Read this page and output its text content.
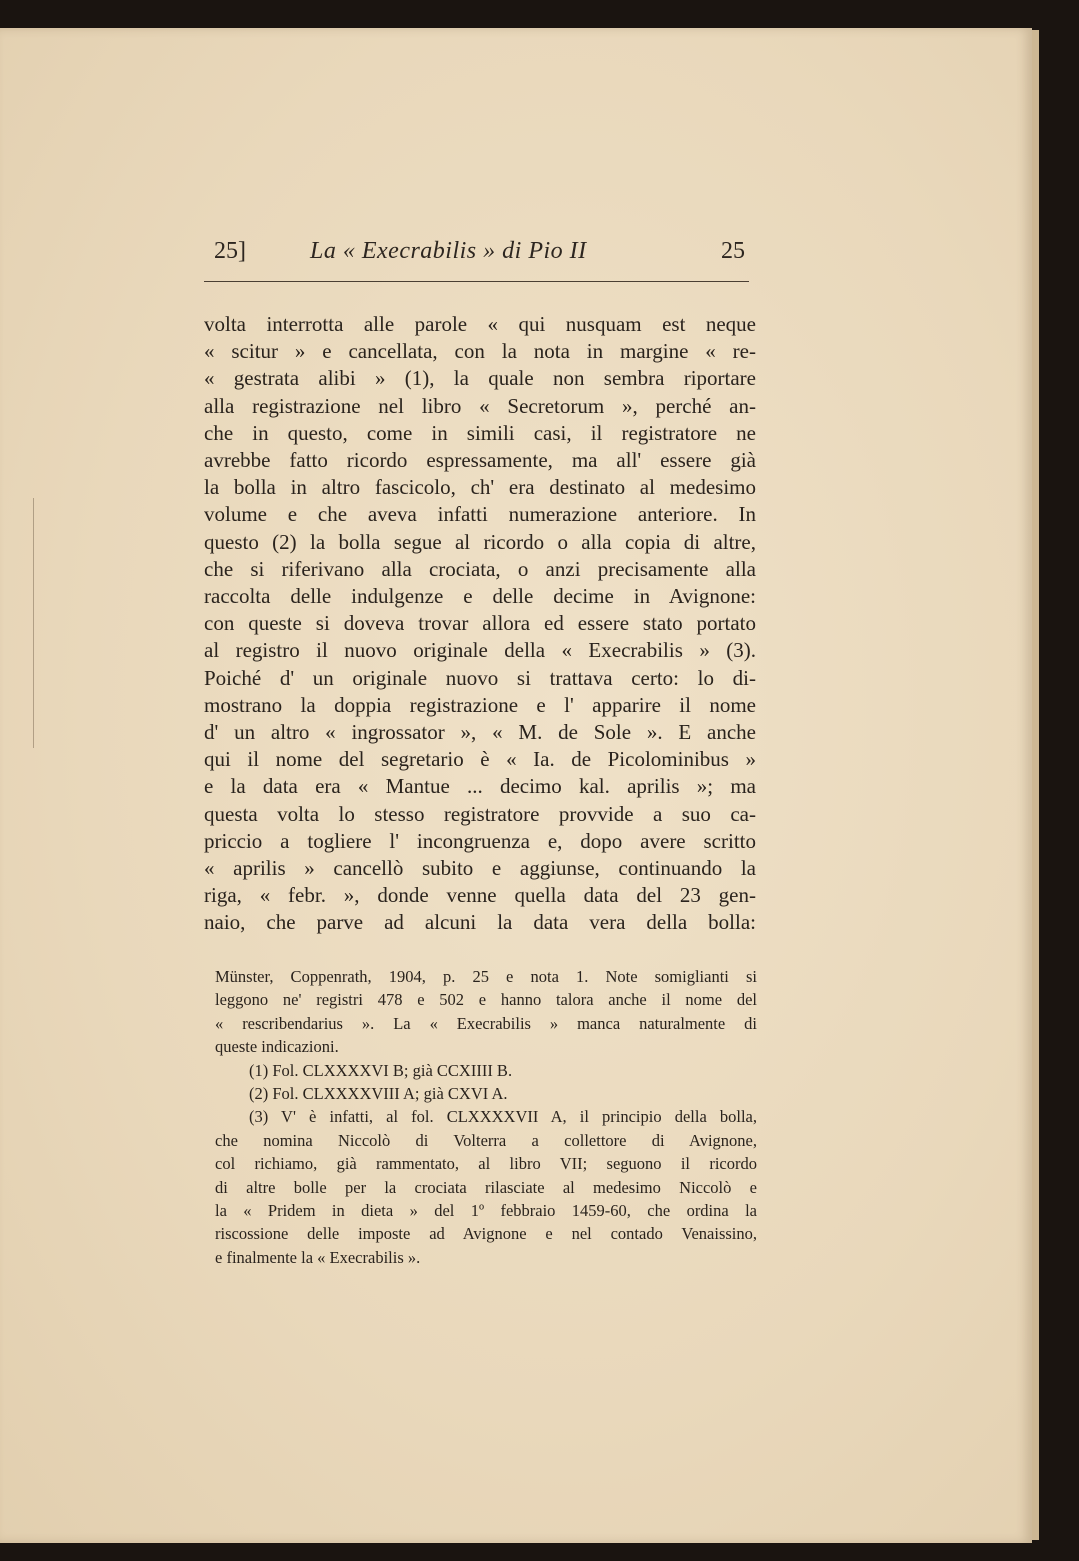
25]	La « Execrabilis » di Pio II	25
volta interrotta alle parole « qui nusquam est neque
« scitur » e cancellata, con la nota in margine « re-
« gestrata alibi » (1), la quale non sembra riportare
alla registrazione nel libro « Secretorum », perché an-
che in questo, come in simili casi, il registratore ne
avrebbe fatto ricordo espressamente, ma all' essere già
la bolla in altro fascicolo, ch' era destinato al medesimo
volume e che aveva infatti numerazione anteriore. In
questo (2) la bolla segue al ricordo o alla copia di altre,
che si riferivano alla crociata, o anzi precisamente alla
raccolta delle indulgenze e delle decime in Avignone:
con queste si doveva trovar allora ed essere stato portato
al registro il nuovo originale della « Execrabilis » (3).
Poiché d' un originale nuovo si trattava certo: lo di-
mostrano la doppia registrazione e l' apparire il nome
d' un altro « ingrossator », « M. de Sole ». E anche
qui il nome del segretario è « Ia. de Picolominibus »
e la data era « Mantue ... decimo kal. aprilis »; ma
questa volta lo stesso registratore provvide a suo ca-
priccio a togliere l' incongruenza e, dopo avere scritto
« aprilis » cancellò subito e aggiunse, continuando la
riga, « febr. », donde venne quella data del 23 gen-
naio, che parve ad alcuni la data vera della bolla:
Münster, Coppenrath, 1904, p. 25 e nota 1. Note somiglianti si
leggono ne' registri 478 e 502 e hanno talora anche il nome del
« rescribendarius ». La « Execrabilis » manca naturalmente di
queste indicazioni.
(1) Fol. CLXXXXVI B; già CCXIIII B.
(2) Fol. CLXXXXVIII A; già CXVI A.
(3) V' è infatti, al fol. CLXXXXVII A, il principio della bolla,
che nomina Niccolò di Volterra a collettore di Avignone,
col richiamo, già rammentato, al libro VII; seguono il ricordo
di altre bolle per la crociata rilasciate al medesimo Niccolò e
la « Pridem in dieta » del 1º febbraio 1459-60, che ordina la
riscossione delle imposte ad Avignone e nel contado Venaissino,
e finalmente la « Execrabilis ».
